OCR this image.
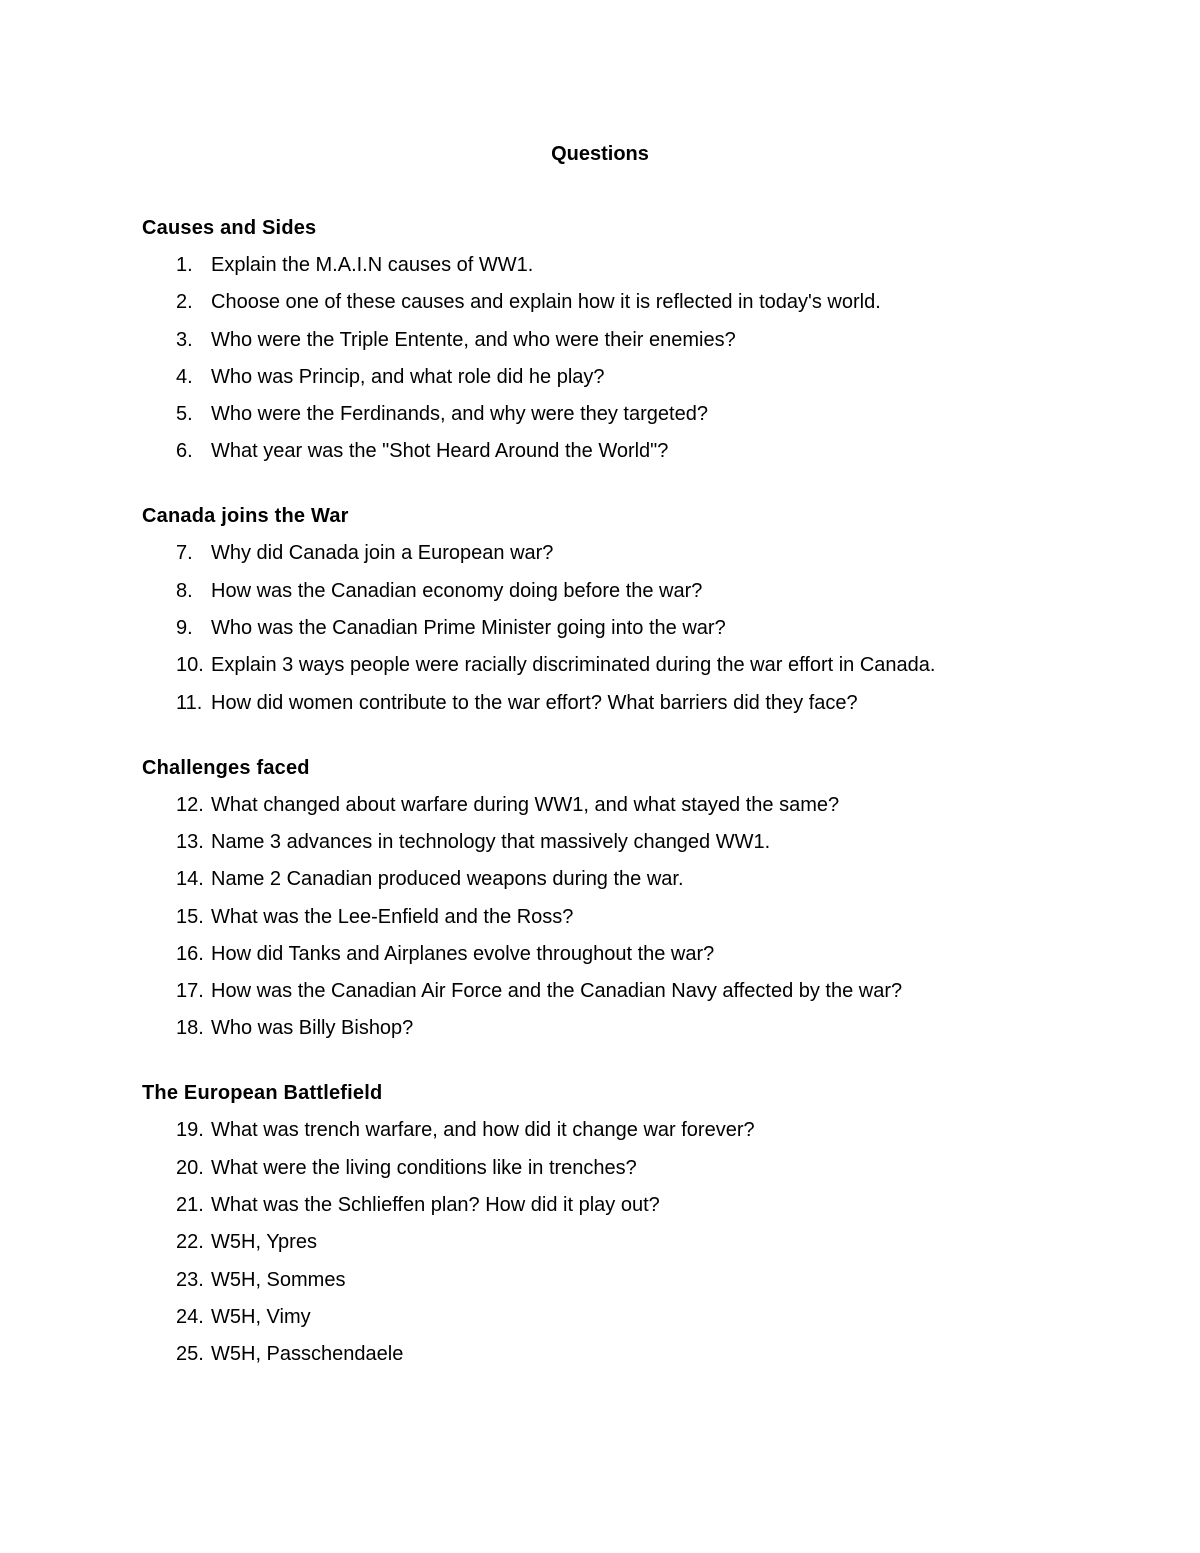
Questions
Causes and Sides
1. Explain the M.A.I.N causes of WW1.
2. Choose one of these causes and explain how it is reflected in today's world.
3. Who were the Triple Entente, and who were their enemies?
4. Who was Princip, and what role did he play?
5. Who were the Ferdinands, and why were they targeted?
6. What year was the "Shot Heard Around the World"?
Canada joins the War
7. Why did Canada join a European war?
8. How was the Canadian economy doing before the war?
9. Who was the Canadian Prime Minister going into the war?
10. Explain 3 ways people were racially discriminated during the war effort in Canada.
11. How did women contribute to the war effort? What barriers did they face?
Challenges faced
12. What changed about warfare during WW1, and what stayed the same?
13. Name 3 advances in technology that massively changed WW1.
14. Name 2 Canadian produced weapons during the war.
15. What was the Lee-Enfield and the Ross?
16. How did Tanks and Airplanes evolve throughout the war?
17. How was the Canadian Air Force and the Canadian Navy affected by the war?
18. Who was Billy Bishop?
The European Battlefield
19. What was trench warfare, and how did it change war forever?
20. What were the living conditions like in trenches?
21. What was the Schlieffen plan? How did it play out?
22. W5H, Ypres
23. W5H, Sommes
24. W5H, Vimy
25. W5H, Passchendaele
